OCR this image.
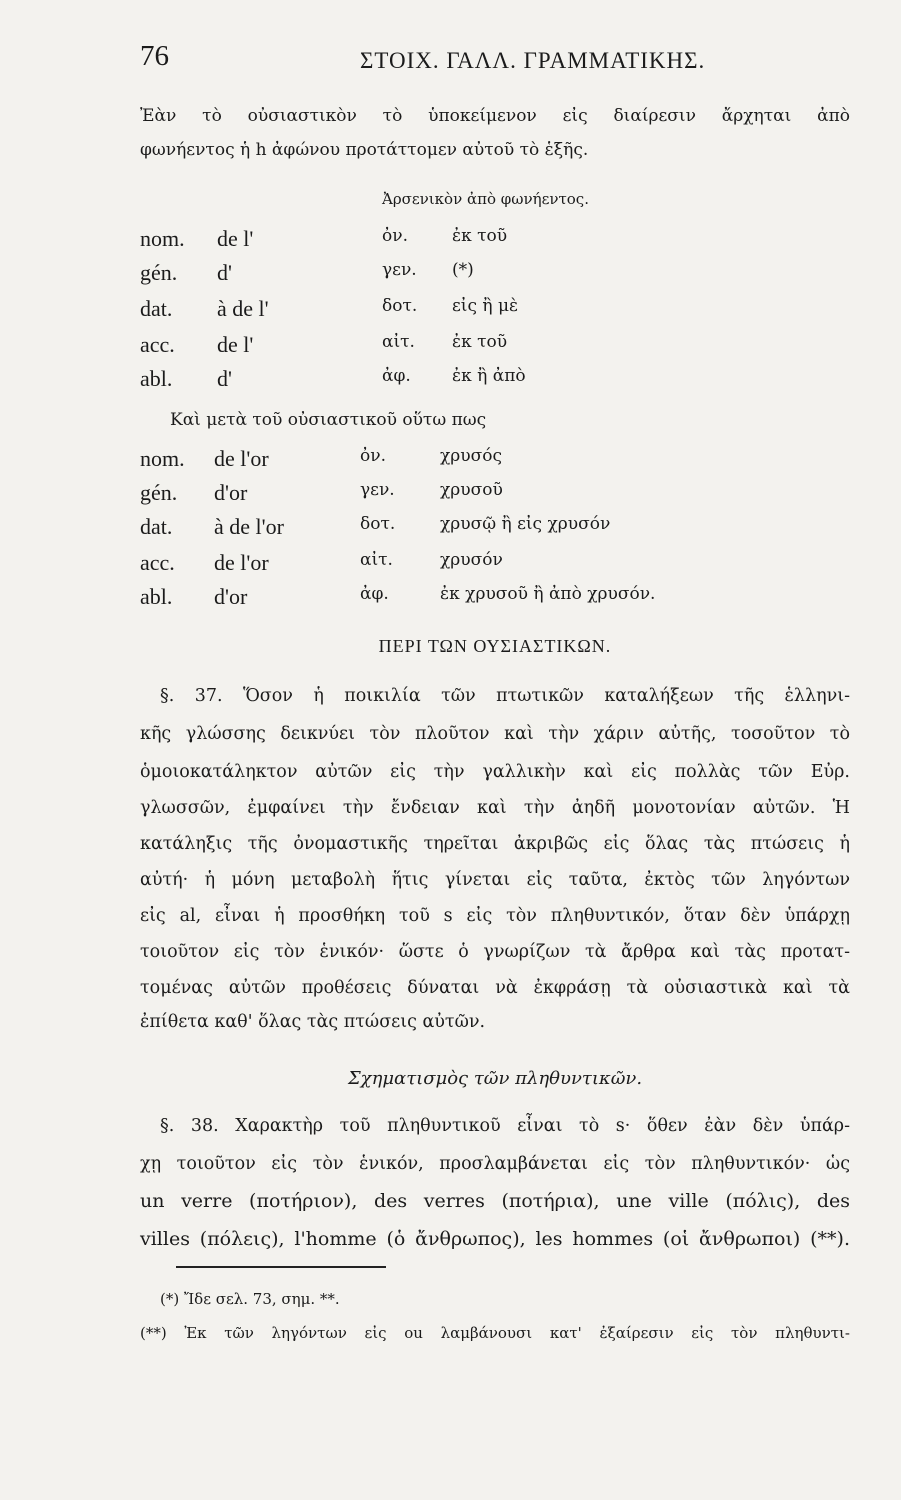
76	ΣΤΟΙΧ. ΓΑΛΛ. ΓΡΑΜΜΑΤΙΚΗΣ.
Ἐὰν τὸ οὐσιαστικὸν τὸ ὑποκείμενον εἰς διαίρεσιν ἄρχηται ἀπὸ
φωνήεντος ἡ h ἀφώνου προτάττομεν αὐτοῦ τὸ ἑξῆς.
Ἀρσενικὸν ἀπὸ φωνήεντος.
nom. de l'	ὀν.	ἐκ τοῦ
gén. d'	γεν. (*)
dat. à de l'	δοτ. εἰς ἢ μὲ
acc. de l'	αἰτ. ἐκ τοῦ
abl. d'	ἀφ. ἐκ ἢ ἀπὸ
Καὶ μετὰ τοῦ οὐσιαστικοῦ οὕτω πως
nom. de l'or	ὀν.	χρυσός
gén. d'or	γεν.	χρυσοῦ
dat. à de l'or	δοτ.	χρυσῷ ἢ εἰς χρυσόν
acc. de l'or	αἰτ.	χρυσόν
abl. d'or	ἀφ.	ἐκ χρυσοῦ ἢ ἀπὸ χρυσόν.
ΠΕΡΙ ΤΩΝ ΟΥΣΙΑΣΤΙΚΩΝ.
§. 37. Ὅσον ἡ ποικιλία τῶν πτωτικῶν καταλήξεων τῆς ἑλληνι-
κῆς γλώσσης δεικνύει τὸν πλοῦτον καὶ τὴν χάριν αὐτῆς, τοσοῦτον τὸ
ὁμοιοκατάληκτον αὐτῶν εἰς τὴν γαλλικὴν καὶ εἰς πολλὰς τῶν Εὐρ.
γλωσσῶν, ἐμφαίνει τὴν ἔνδειαν καὶ τὴν ἀηδῆ μονοτονίαν αὐτῶν. Ἡ
κατάληξις τῆς ὀνομαστικῆς τηρεῖται ἀκριβῶς εἰς ὅλας τὰς πτώσεις ἡ
αὐτή· ἡ μόνη μεταβολὴ ἥτις γίνεται εἰς ταῦτα, ἐκτὸς τῶν ληγόντων
εἰς al, εἶναι ἡ προσθήκη τοῦ s εἰς τὸν πληθυντικόν, ὅταν δὲν ὑπάρχῃ
τοιοῦτον εἰς τὸν ἑνικόν· ὥστε ὁ γνωρίζων τὰ ἄρθρα καὶ τὰς προτατ-
τομένας αὐτῶν προθέσεις δύναται νὰ ἐκφράσῃ τὰ οὐσιαστικὰ καὶ τὰ
ἐπίθετα καθ' ὅλας τὰς πτώσεις αὐτῶν.
Σχηματισμὸς τῶν πληθυντικῶν.
§. 38. Χαρακτὴρ τοῦ πληθυντικοῦ εἶναι τὸ s· ὅθεν ἐὰν δὲν ὑπάρ-
χῃ τοιοῦτον εἰς τὸν ἑνικόν, προσλαμβάνεται εἰς τὸν πληθυντικόν· ὡς
un verre (ποτήριον), des verres (ποτήρια), une ville (πόλις), des
villes (πόλεις), l'homme (ὁ ἄνθρωπος), les hommes (οἱ ἄνθρωποι) (**).
(*) Ἴδε σελ. 73, σημ. **.
(**) Ἐκ τῶν ληγόντων εἰς ou λαμβάνουσι κατ' ἐξαίρεσιν εἰς τὸν πληθυντι-
